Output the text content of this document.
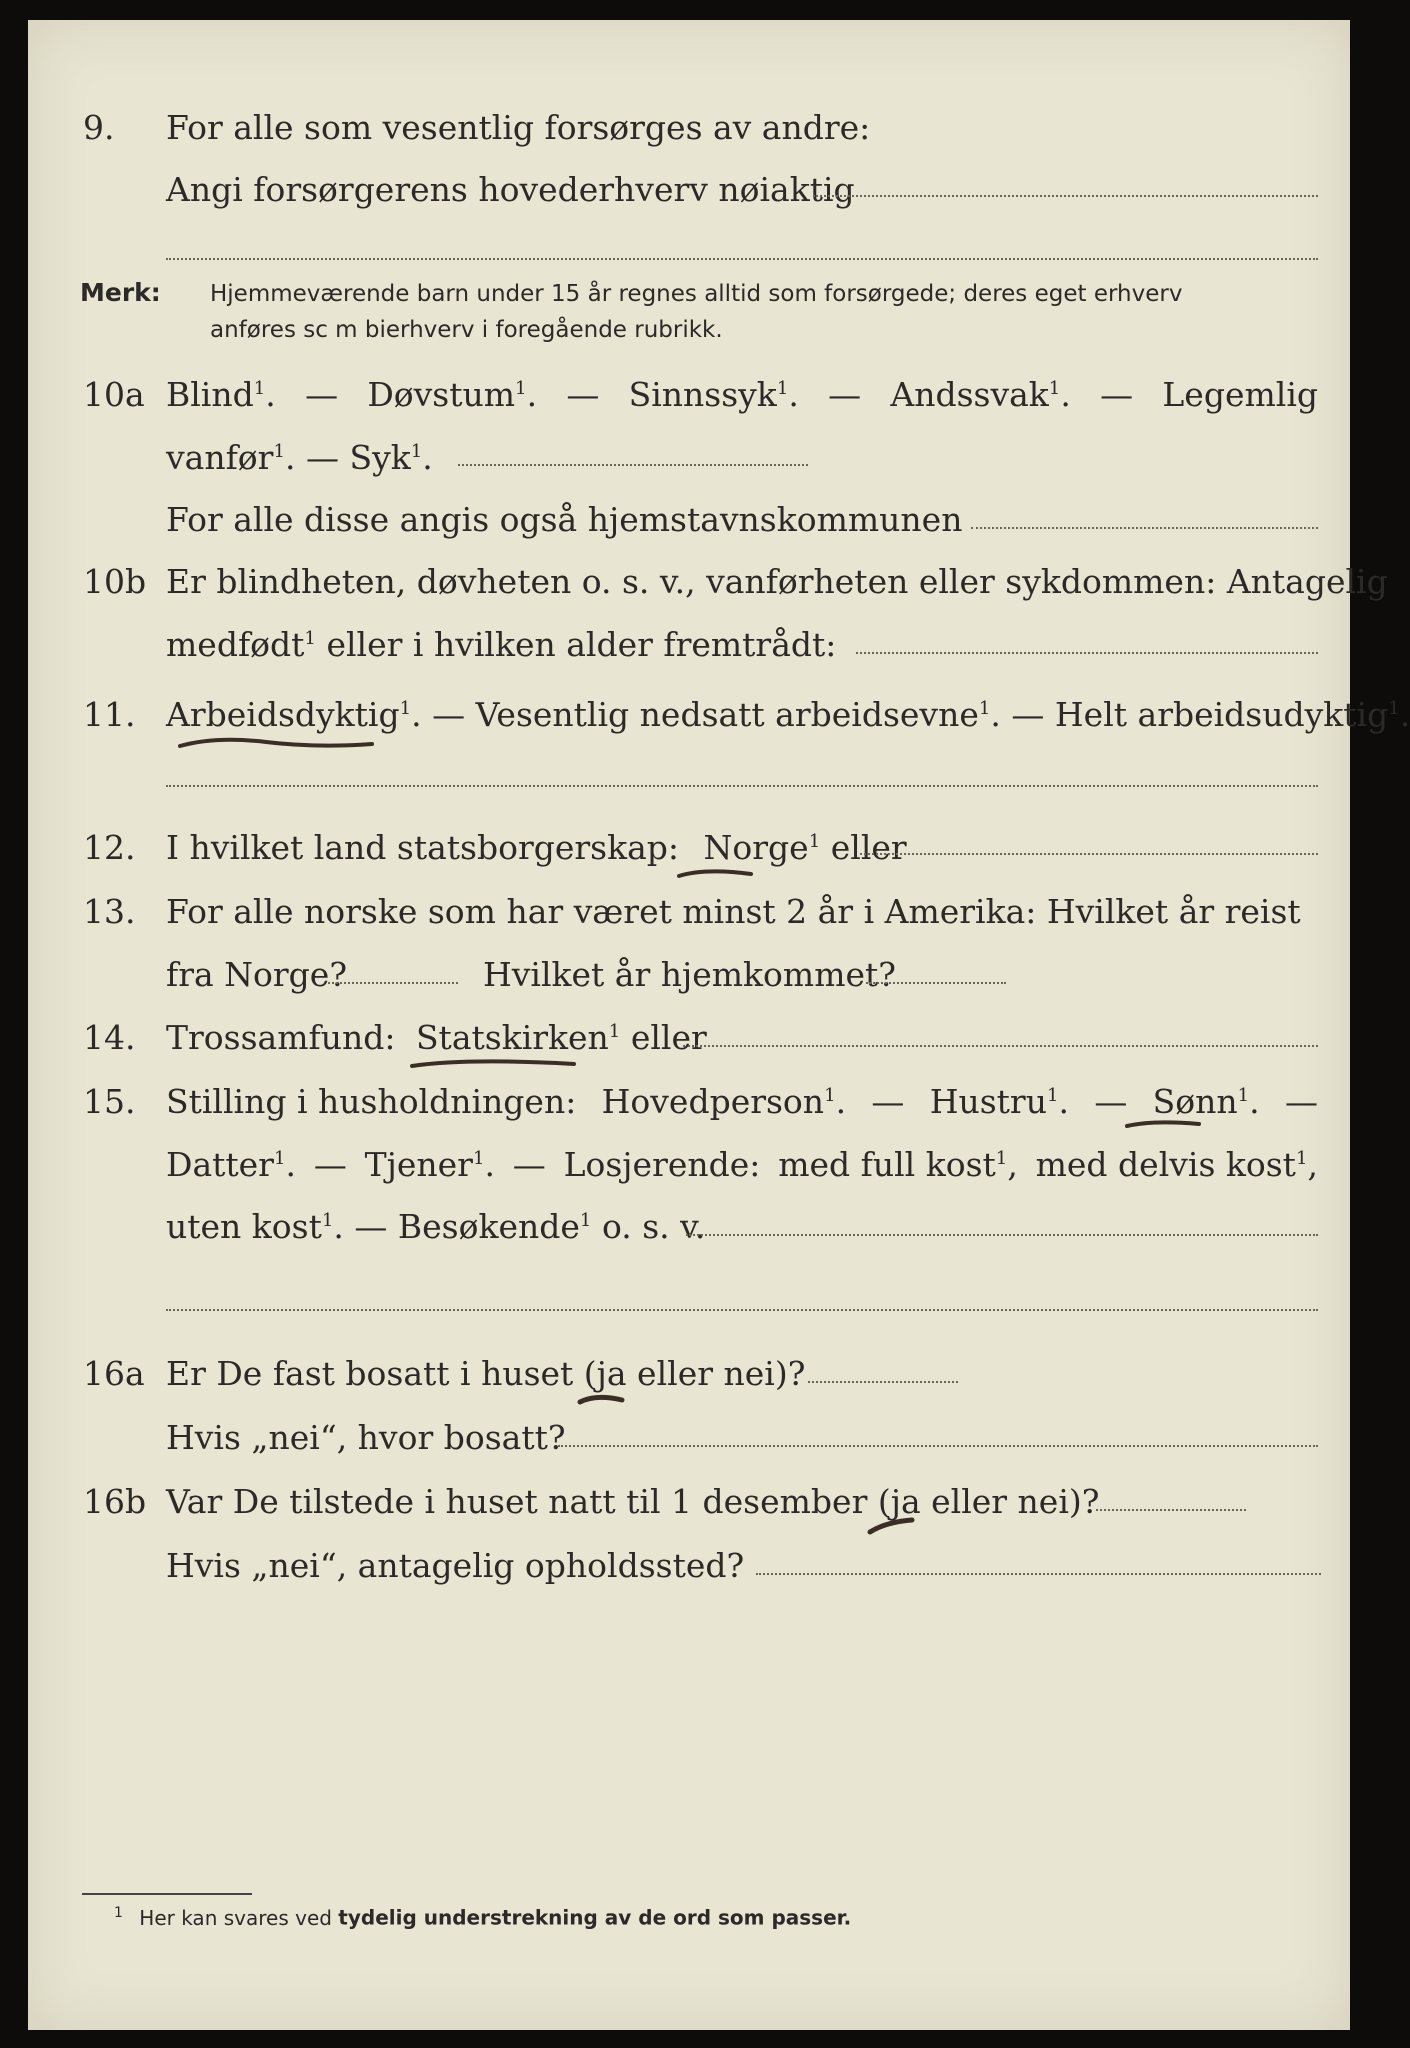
9. For alle som vesentlig forsørges av andre:
Angi forsørgerens hovederhverv nøiaktig
Merk: Hjemmeværende barn under 15 år regnes alltid som forsørgede; deres eget erhverv
anføres sc m bierhverv i foregående rubrikk.
10a Blind$^1$. — Døvstum$^1$. — Sinnssyk$^1$. — Andssvak$^1$. — Legemlig
vanfør$^1$. — Syk$^1$.
For alle disse angis også hjemstavnskommunen
10b Er blindheten, døvheten o. s. v., vanførheten eller sykdommen: Antagelig
medfødt$^1$ eller i hvilken alder fremtrådt:
11. Arbeidsdyktig$^1$. — Vesentlig nedsatt arbeidsevne$^1$. — Helt arbeidsudyktig$^1$.
12. I hvilket land statsborgerskap: Norge$^1$ eller
13. For alle norske som har været minst 2 år i Amerika: Hvilket år reist
fra Norge?	Hvilket år hjemkommet?
14. Trossamfund: Statskirken$^1$ eller
15. Stilling i husholdningen: Hovedperson$^1$. — Hustru$^1$. — Sønn$^1$. —
Datter$^1$. — Tjener$^1$. — Losjerende: med full kost$^1$, med delvis kost$^1$,
uten kost$^1$. — Besøkende$^1$ o. s. v.
16a Er De fast bosatt i huset (ja eller nei)?
Hvis „nei“, hvor bosatt?
16b Var De tilstede i huset natt til 1 desember (ja eller nei)?
Hvis „nei“, antagelig opholdssted?
$^1$ Her kan svares ved tydelig understrekning av de ord som passer.
